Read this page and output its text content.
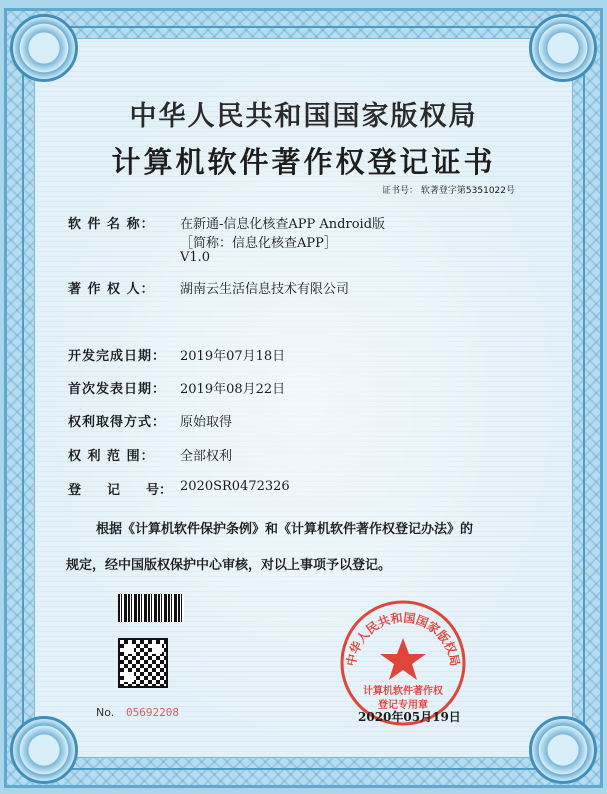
中华人民共和国国家版权局
计算机软件著作权登记证书
证书号： 软著登字第5351022号
软 件 名 称： 在新通-信息化核查APP Android版
［简称：信息化核查APP］
V1.0
著 作 权 人： 湖南云生活信息技术有限公司
开发完成日期： 2019年07月18日
首次发表日期： 2019年08月22日
权利取得方式： 原始取得
权 利 范 围： 全部权利
登　　记　　号： 2020SR0472326
根据《计算机软件保护条例》和《计算机软件著作权登记办法》的
规定，经中国版权保护中心审核，对以上事项予以登记。
No. 05692208
中华人民共和国国家版权局
计算机软件著作权
登记专用章
2020年05月19日
